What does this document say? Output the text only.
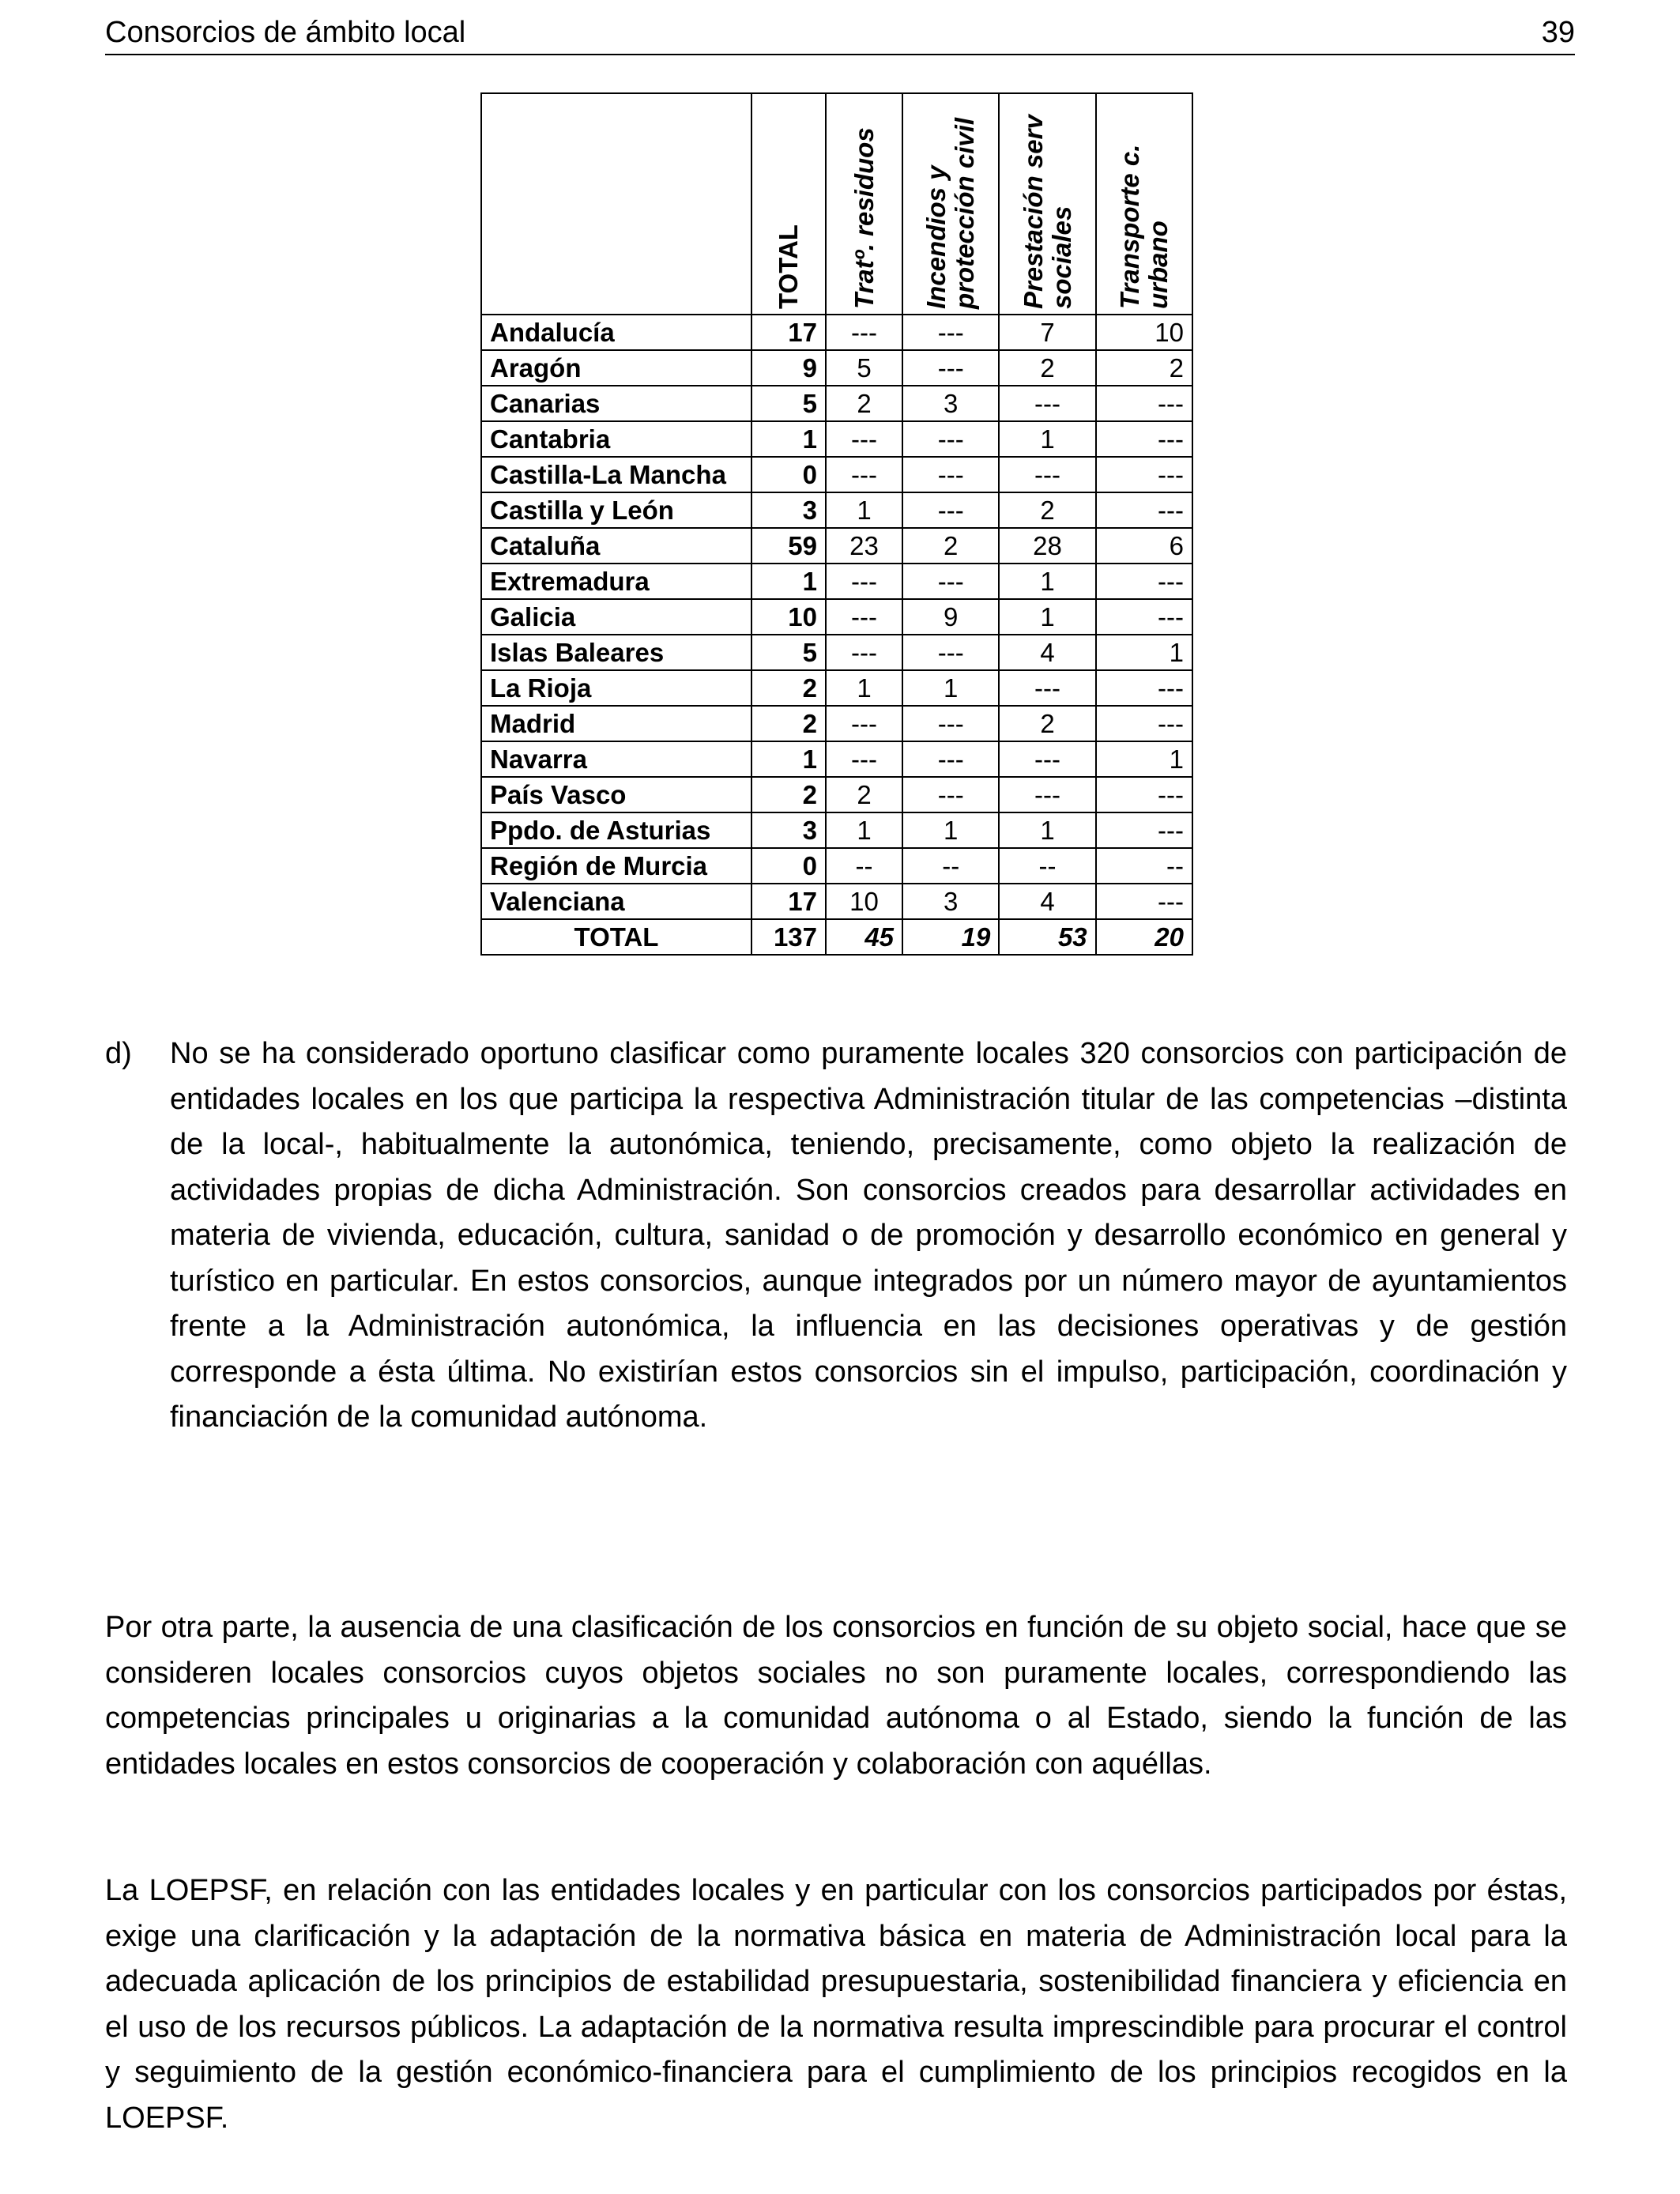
Consorcios de ámbito local	39

	TOTAL	Tratº. residuos	Incendios y protección civil	Prestación serv sociales	Transporte c. urbano

Andalucía	17	---	---	7	10
Aragón	9	5	---	2	2
Canarias	5	2	3	---	---
Cantabria	1	---	---	1	---
Castilla-La Mancha	0	---	---	---	---
Castilla y León	3	1	---	2	---
Cataluña	59	23	2	28	6
Extremadura	1	---	---	1	---
Galicia	10	---	9	1	---
Islas Baleares	5	---	---	4	1
La Rioja	2	1	1	---	---
Madrid	2	---	---	2	---
Navarra	1	---	---	---	1
País Vasco	2	2	---	---	---
Ppdo. de Asturias	3	1	1	1	---
Región de Murcia	0	--	--	--	--
Valenciana	17	10	3	4	---
TOTAL	137	45	19	53	20
d) No se ha considerado oportuno clasificar como puramente locales 320 consorcios con participación de entidades locales en los que participa la respectiva Administración titular de las competencias –distinta de la local-, habitualmente la autonómica, teniendo, precisamente, como objeto la realización de actividades propias de dicha Administración. Son consorcios creados para desarrollar actividades en materia de vivienda, educación, cultura, sanidad o de promoción y desarrollo económico en general y turístico en particular. En estos consorcios, aunque integrados por un número mayor de ayuntamientos frente a la Administración autonómica, la influencia en las decisiones operativas y de gestión corresponde a ésta última. No existirían estos consorcios sin el impulso, participación, coordinación y financiación de la comunidad autónoma.
Por otra parte, la ausencia de una clasificación de los consorcios en función de su objeto social, hace que se consideren locales consorcios cuyos objetos sociales no son puramente locales, correspondiendo las competencias principales u originarias a la comunidad autónoma o al Estado, siendo la función de las entidades locales en estos consorcios de cooperación y colaboración con aquéllas.
La LOEPSF, en relación con las entidades locales y en particular con los consorcios participados por éstas, exige una clarificación y la adaptación de la normativa básica en materia de Administración local para la adecuada aplicación de los principios de estabilidad presupuestaria, sostenibilidad financiera y eficiencia en el uso de los recursos públicos. La adaptación de la normativa resulta imprescindible para procurar el control y seguimiento de la gestión económico-financiera para el cumplimiento de los principios recogidos en la LOEPSF.
